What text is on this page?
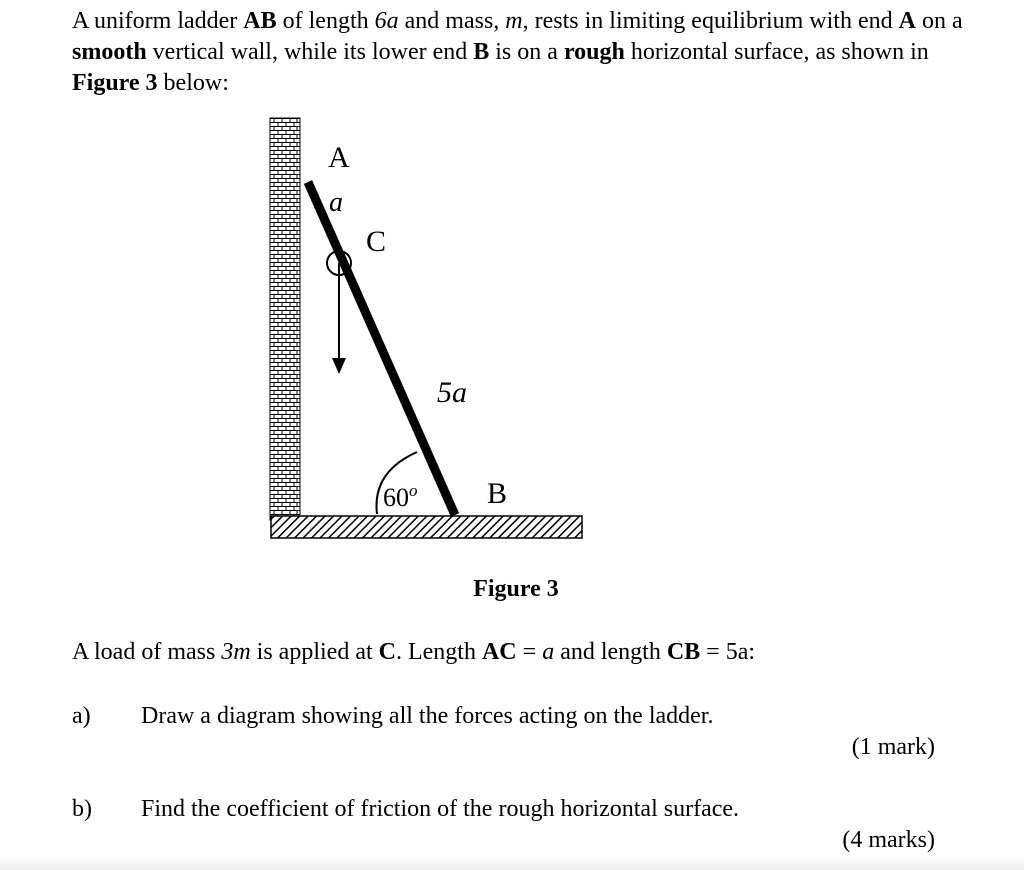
A uniform ladder AB of length 6a and mass, m, rests in limiting equilibrium with end A on a smooth vertical wall, while its lower end B is on a rough horizontal surface, as shown in Figure 3 below:
A
a
C
5a
60$^o$ B
Figure 3
A load of mass 3m is applied at C. Length AC = a and length CB = 5a:
a) Draw a diagram showing all the forces acting on the ladder.
(1 mark)
b) Find the coefficient of friction of the rough horizontal surface.
(4 marks)
